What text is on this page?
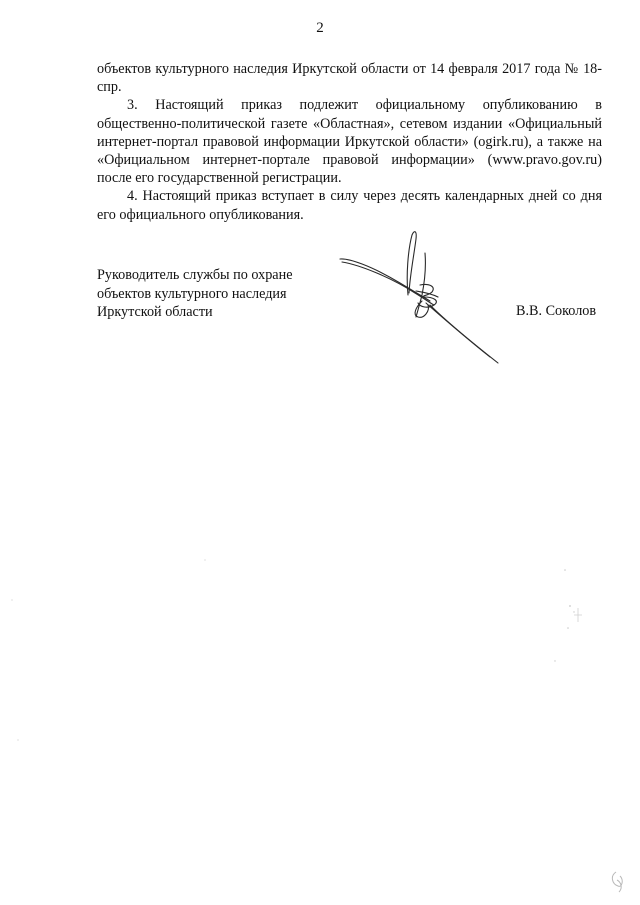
2

объектов культурного наследия Иркутской области от 14 февраля 2017 года № 18-спр.

3. Настоящий приказ подлежит официальному опубликованию в общественно-политической газете «Областная», сетевом издании «Официальный интернет-портал правовой информации Иркутской области» (ogirk.ru), а также на «Официальном интернет-портале правовой информации» (www.pravo.gov.ru) после его государственной регистрации.

4. Настоящий приказ вступает в силу через десять календарных дней со дня его официального опубликования.

Руководитель службы по охране
объектов культурного наследия
Иркутской области	В.В. Соколов
